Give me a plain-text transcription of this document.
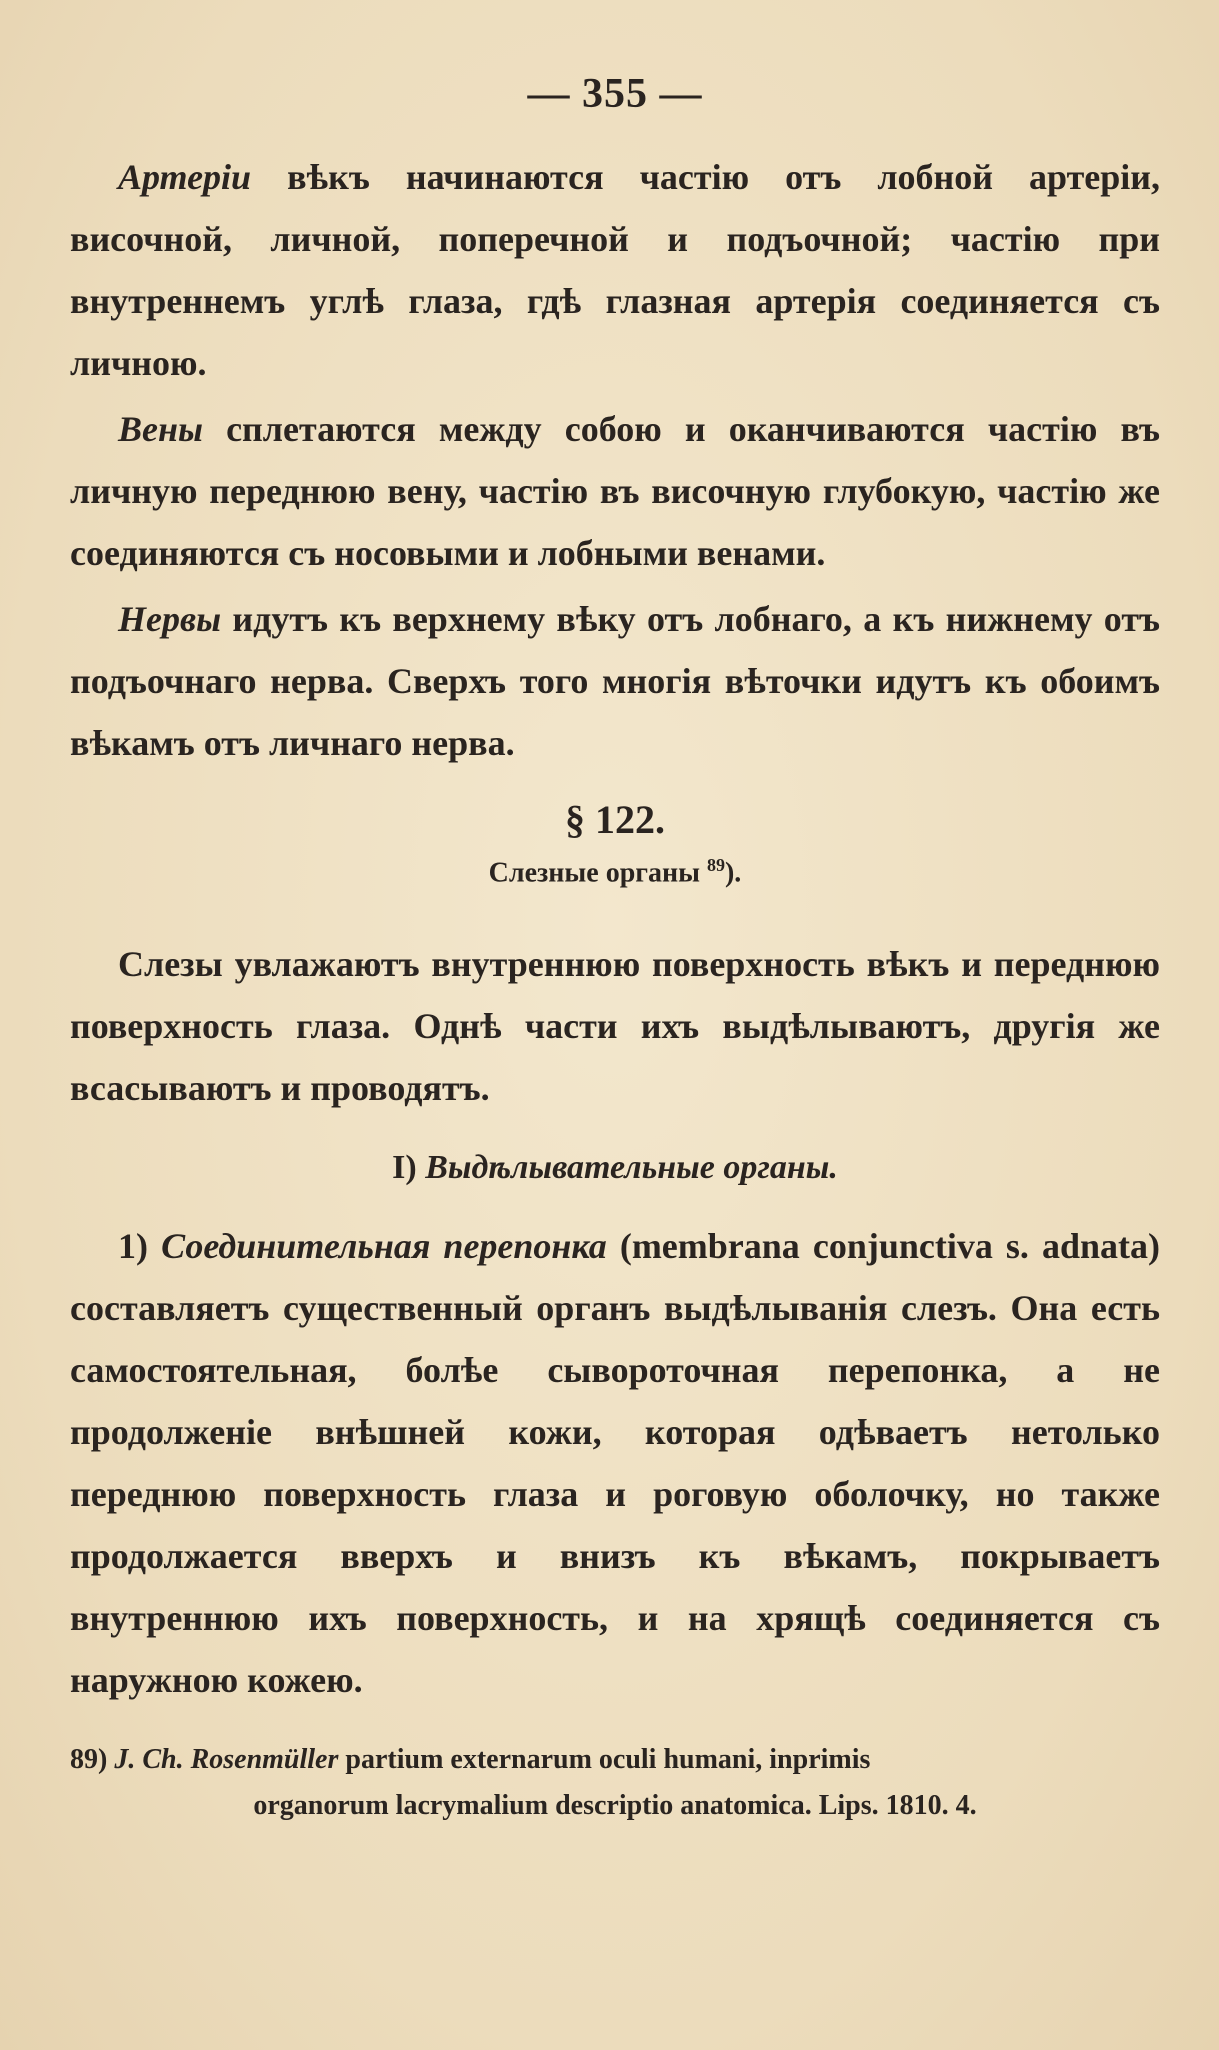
— 355 —

Артеріи вѣкъ начинаются частію отъ лобной артеріи, височной, личной, поперечной и подъочной; частію при внутреннемъ углѣ глаза, гдѣ глазная артерія соединяется съ личною.

Вены сплетаются между собою и оканчиваются частію въ личную переднюю вену, частію въ височную глубокую, частію же соединяются съ носовыми и лобными венами.

Нервы идутъ къ верхнему вѣку отъ лобнаго, а къ нижнему отъ подъочнаго нерва. Сверхъ того многія вѣточки идутъ къ обоимъ вѣкамъ отъ личнаго нерва.

§ 122.
Слезные органы $^{89}$).

Слезы увлажаютъ внутреннюю поверхность вѣкъ и переднюю поверхность глаза. Однѣ части ихъ выдѣлываютъ, другія же всасываютъ и проводятъ.

I) Выдѣлывательные органы.

1) Соединительная перепонка (membrana conjunctiva s. adnata) составляетъ существенный органъ выдѣлыванія слезъ. Она есть самостоятельная, болѣе сывороточная перепонка, а не продолженіе внѣшней кожи, которая одѣваетъ нетолько переднюю поверхность глаза и роговую оболочку, но также продолжается вверхъ и внизъ къ вѣкамъ, покрываетъ внутреннюю ихъ поверхность, и на хрящѣ соединяется съ наружною кожею.

89) J. Ch. Rosenmüller partium externarum oculi humani, inprimis
organorum lacrymalium descriptio anatomica. Lips. 1810. 4.
